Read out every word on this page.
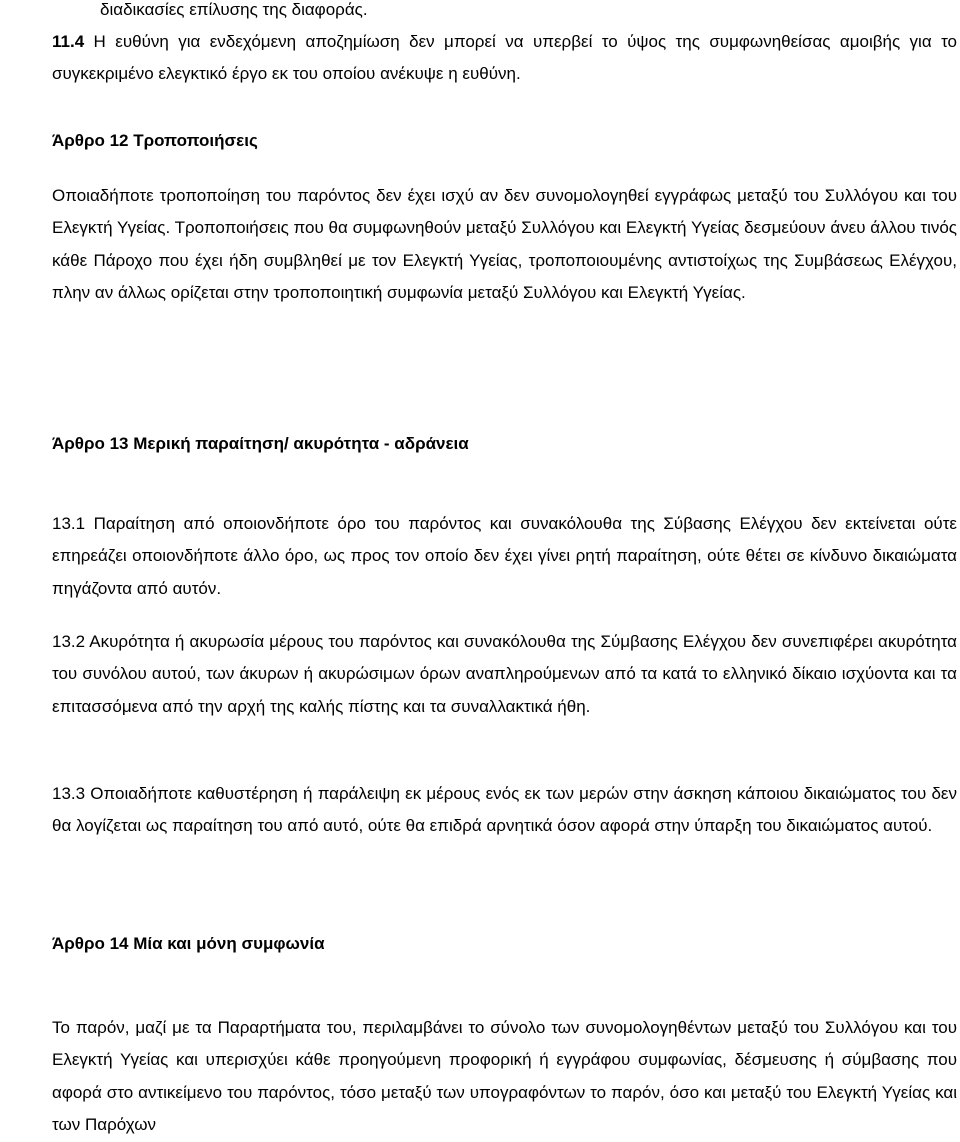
διαδικασίες επίλυσης της διαφοράς.
11.4 Η ευθύνη για ενδεχόμενη αποζημίωση δεν μπορεί να υπερβεί το ύψος της συμφωνηθείσας αμοιβής για το συγκεκριμένο ελεγκτικό έργο εκ του οποίου ανέκυψε η ευθύνη.
Άρθρο 12 Τροποποιήσεις
Οποιαδήποτε τροποποίηση του παρόντος δεν έχει ισχύ αν δεν συνομολογηθεί εγγράφως μεταξύ του Συλλόγου και του Ελεγκτή Υγείας. Τροποποιήσεις που θα συμφωνηθούν μεταξύ Συλλόγου και Ελεγκτή Υγείας δεσμεύουν άνευ άλλου τινός κάθε Πάροχο που έχει ήδη συμβληθεί με τον Ελεγκτή Υγείας, τροποποιουμένης αντιστοίχως της Συμβάσεως Ελέγχου, πλην αν άλλως ορίζεται στην τροποποιητική συμφωνία μεταξύ Συλλόγου και Ελεγκτή Υγείας.
Άρθρο 13 Μερική παραίτηση/ ακυρότητα - αδράνεια
13.1 Παραίτηση από οποιονδήποτε όρο του παρόντος και συνακόλουθα της Σύβασης Ελέγχου δεν εκτείνεται ούτε επηρεάζει οποιονδήποτε άλλο όρο, ως προς τον οποίο δεν έχει γίνει ρητή παραίτηση, ούτε θέτει σε κίνδυνο δικαιώματα πηγάζοντα από αυτόν.
13.2 Ακυρότητα ή ακυρωσία μέρους του παρόντος και συνακόλουθα της Σύμβασης Ελέγχου δεν συνεπιφέρει ακυρότητα του συνόλου αυτού, των άκυρων ή ακυρώσιμων όρων αναπληρούμενων από τα κατά το ελληνικό δίκαιο ισχύοντα και τα επιτασσόμενα από την αρχή της καλής πίστης και τα συναλλακτικά ήθη.
13.3 Οποιαδήποτε καθυστέρηση ή παράλειψη εκ μέρους ενός εκ των μερών στην άσκηση κάποιου δικαιώματος του δεν θα λογίζεται ως παραίτηση του από αυτό, ούτε θα επιδρά αρνητικά όσον αφορά στην ύπαρξη του δικαιώματος αυτού.
Άρθρο 14 Μία και μόνη συμφωνία
Το παρόν, μαζί με τα Παραρτήματα του, περιλαμβάνει το σύνολο των συνομολογηθέντων μεταξύ του Συλλόγου και του Ελεγκτή Υγείας και υπερισχύει κάθε προηγούμενη προφορική ή εγγράφου συμφωνίας, δέσμευσης ή σύμβασης που αφορά στο αντικείμενο του παρόντος, τόσο μεταξύ των υπογραφόντων το παρόν, όσο και μεταξύ του Ελεγκτή Υγείας και των Παρόχων
